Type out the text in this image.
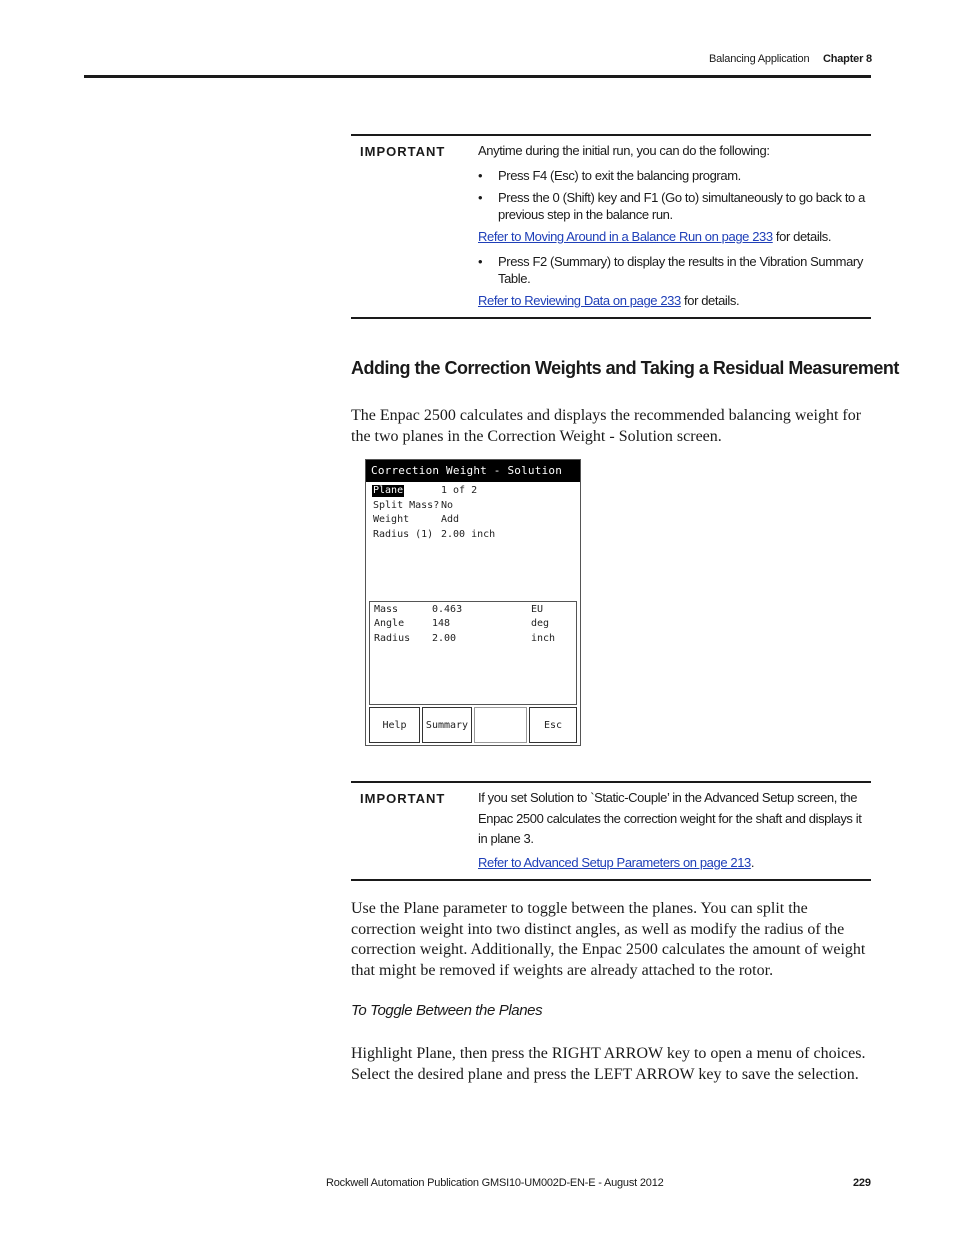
Balancing Application Chapter 8
IMPORTANT	Anytime during the initial run, you can do the following:
• Press F4 (Esc) to exit the balancing program.
• Press the 0 (Shift) key and F1 (Go to) simultaneously to go back to a previous step in the balance run.
Refer to Moving Around in a Balance Run on page 233 for details.
• Press F2 (Summary) to display the results in the Vibration Summary Table.
Refer to Reviewing Data on page 233 for details.
Adding the Correction Weights and Taking a Residual Measurement
The Enpac 2500 calculates and displays the recommended balancing weight for the two planes in the Correction Weight - Solution screen.
Correction Weight - Solution
Plane	1 of 2
Split Mass? No
Weight	Add
Radius (1) 2.00 inch
Mass	0.463	EU
Angle	148	deg
Radius 2.00	inch
Help	Summary	Esc
IMPORTANT	If you set Solution to `Static-Couple’ in the Advanced Setup screen, the Enpac 2500 calculates the correction weight for the shaft and displays it in plane 3.
Refer to Advanced Setup Parameters on page 213.
Use the Plane parameter to toggle between the planes. You can split the correction weight into two distinct angles, as well as modify the radius of the correction weight. Additionally, the Enpac 2500 calculates the amount of weight that might be removed if weights are already attached to the rotor.
To Toggle Between the Planes
Highlight Plane, then press the RIGHT ARROW key to open a menu of choices. Select the desired plane and press the LEFT ARROW key to save the selection.
Rockwell Automation Publication GMSI10-UM002D-EN-E - August 2012	229
